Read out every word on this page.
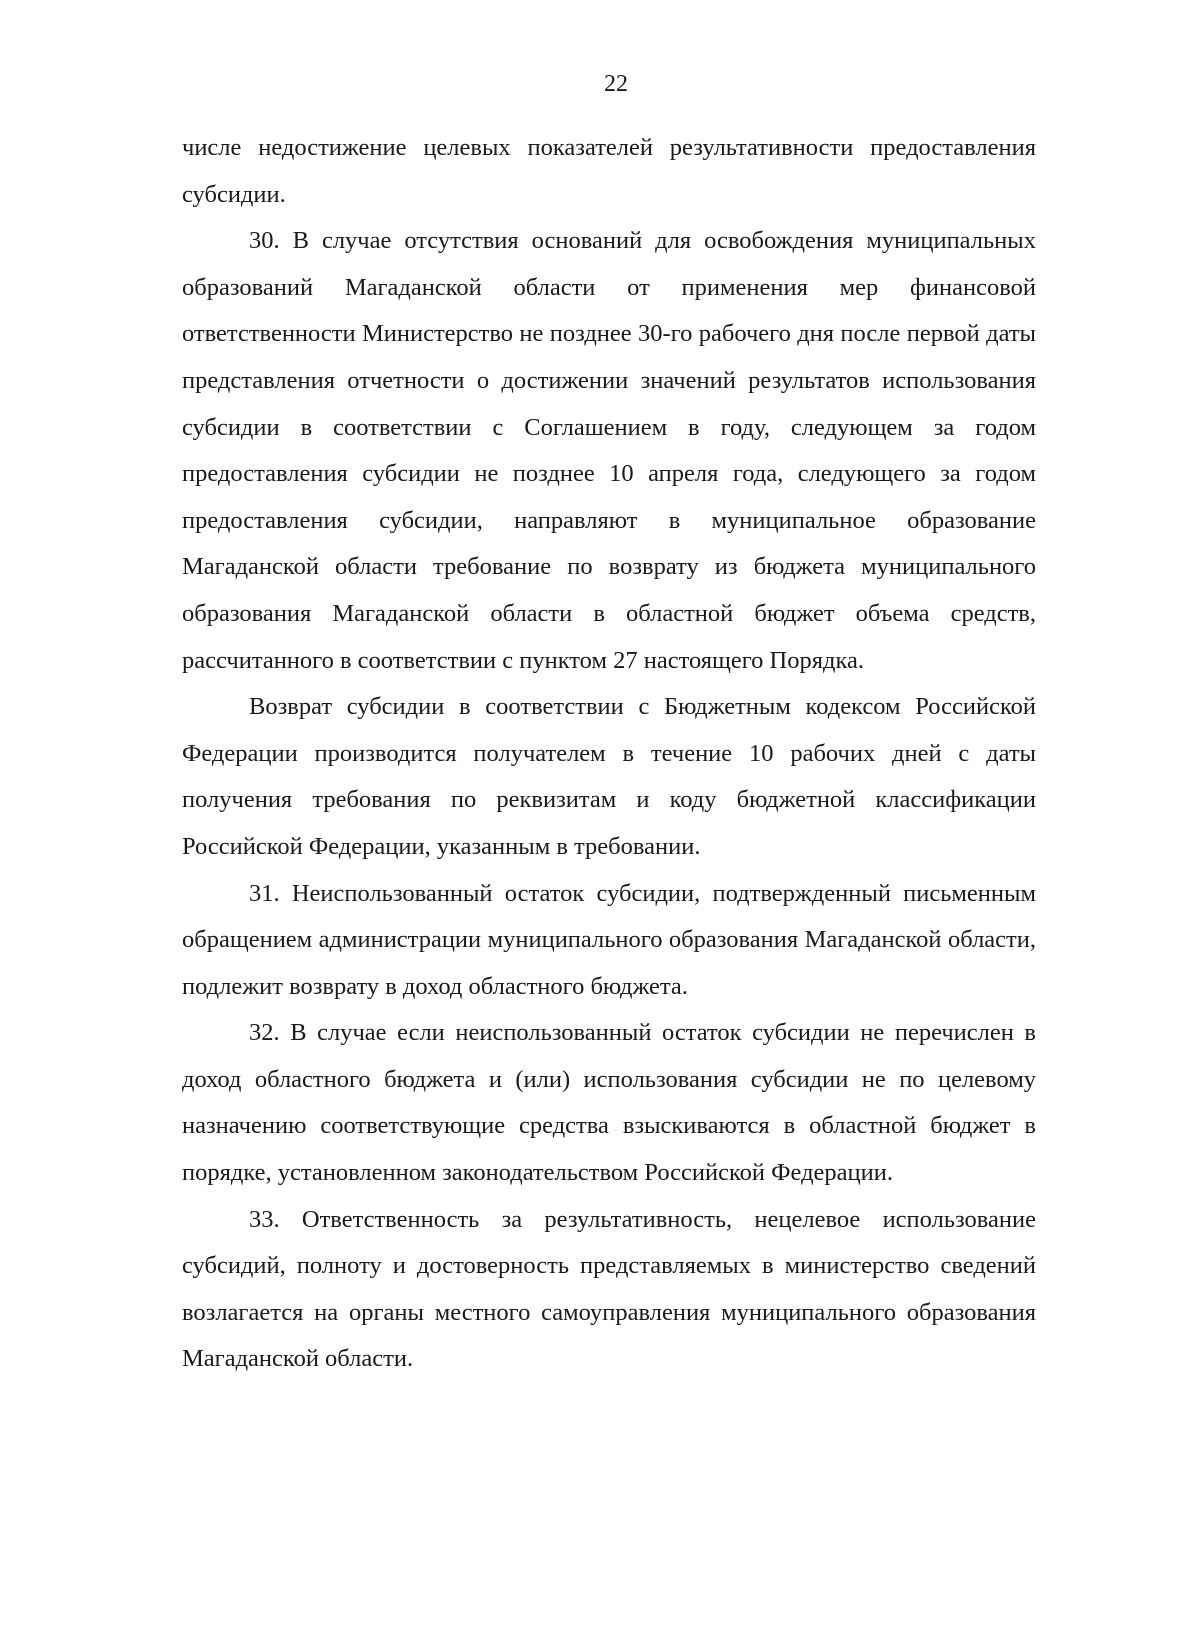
22

числе недостижение целевых показателей результативности предоставления субсидии.

30. В случае отсутствия оснований для освобождения муниципальных образований Магаданской области от применения мер финансовой ответственности Министерство не позднее 30-го рабочего дня после первой даты представления отчетности о достижении значений результатов использования субсидии в соответствии с Соглашением в году, следующем за годом предоставления субсидии не позднее 10 апреля года, следующего за годом предоставления субсидии, направляют в муниципальное образование Магаданской области требование по возврату из бюджета муниципального образования Магаданской области в областной бюджет объема средств, рассчитанного в соответствии с пунктом 27 настоящего Порядка.

Возврат субсидии в соответствии с Бюджетным кодексом Российской Федерации производится получателем в течение 10 рабочих дней с даты получения требования по реквизитам и коду бюджетной классификации Российской Федерации, указанным в требовании.

31. Неиспользованный остаток субсидии, подтвержденный письменным обращением администрации муниципального образования Магаданской области, подлежит возврату в доход областного бюджета.

32. В случае если неиспользованный остаток субсидии не перечислен в доход областного бюджета и (или) использования субсидии не по целевому назначению соответствующие средства взыскиваются в областной бюджет в порядке, установленном законодательством Российской Федерации.

33. Ответственность за результативность, нецелевое использование субсидий, полноту и достоверность представляемых в министерство сведений возлагается на органы местного самоуправления муниципального образования Магаданской области.
